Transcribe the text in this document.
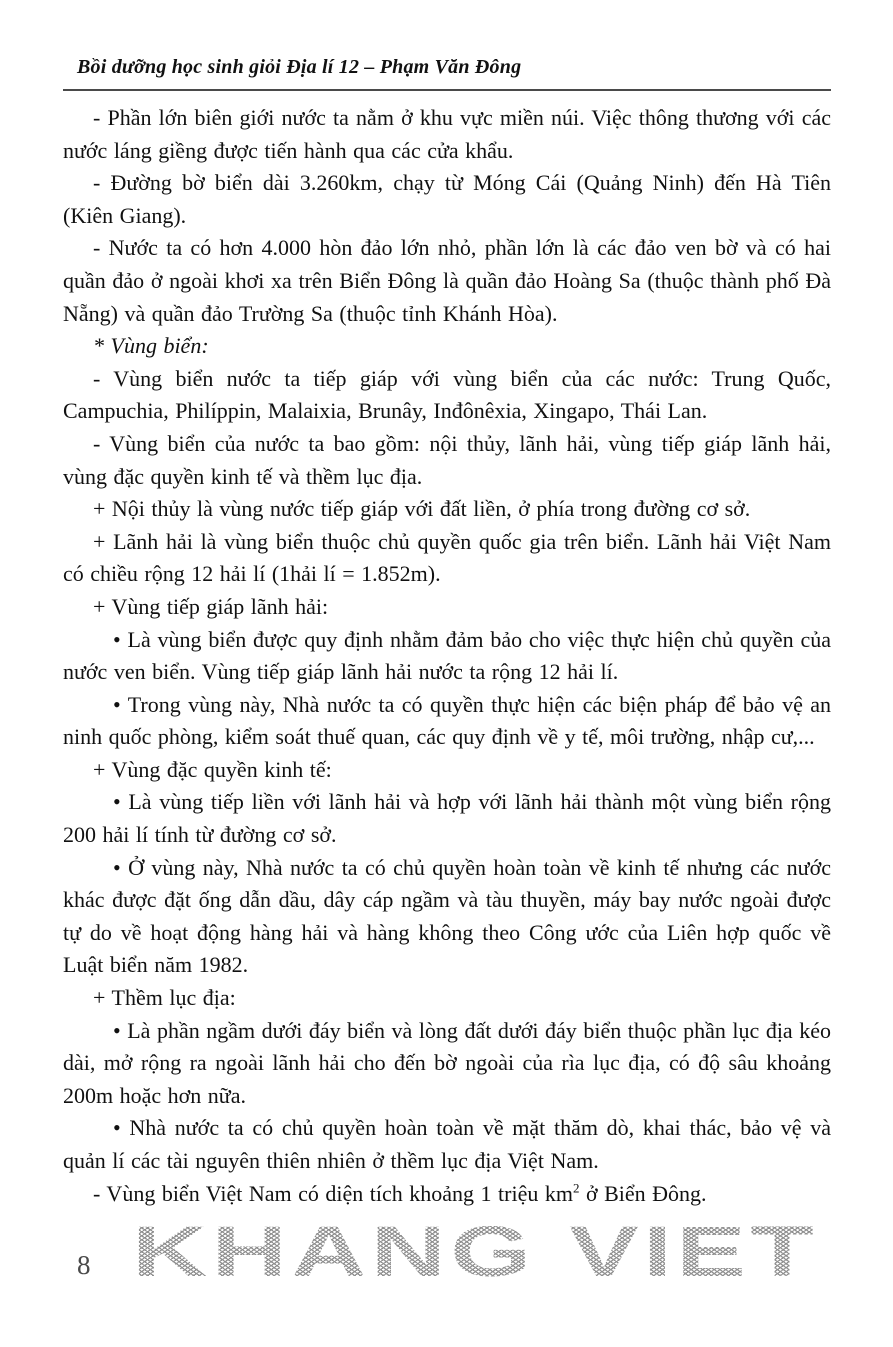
KHANG VIET
Bồi dưỡng học sinh giỏi Địa lí 12 – Phạm Văn Đông
- Phần lớn biên giới nước ta nằm ở khu vực miền núi. Việc thông thương với các nước láng giềng được tiến hành qua các cửa khẩu.
- Đường bờ biển dài 3.260km, chạy từ Móng Cái (Quảng Ninh) đến Hà Tiên (Kiên Giang).
- Nước ta có hơn 4.000 hòn đảo lớn nhỏ, phần lớn là các đảo ven bờ và có hai quần đảo ở ngoài khơi xa trên Biển Đông là quần đảo Hoàng Sa (thuộc thành phố Đà Nẵng) và quần đảo Trường Sa (thuộc tỉnh Khánh Hòa).
* Vùng biển:
- Vùng biển nước ta tiếp giáp với vùng biển của các nước: Trung Quốc, Campuchia, Philíppin, Malaixia, Brunây, Inđônêxia, Xingapo, Thái Lan.
- Vùng biển của nước ta bao gồm: nội thủy, lãnh hải, vùng tiếp giáp lãnh hải, vùng đặc quyền kinh tế và thềm lục địa.
+ Nội thủy là vùng nước tiếp giáp với đất liền, ở phía trong đường cơ sở.
+ Lãnh hải là vùng biển thuộc chủ quyền quốc gia trên biển. Lãnh hải Việt Nam có chiều rộng 12 hải lí (1hải lí = 1.852m).
+ Vùng tiếp giáp lãnh hải:
• Là vùng biển được quy định nhằm đảm bảo cho việc thực hiện chủ quyền của nước ven biển. Vùng tiếp giáp lãnh hải nước ta rộng 12 hải lí.
• Trong vùng này, Nhà nước ta có quyền thực hiện các biện pháp để bảo vệ an ninh quốc phòng, kiểm soát thuế quan, các quy định về y tế, môi trường, nhập cư,...
+ Vùng đặc quyền kinh tế:
• Là vùng tiếp liền với lãnh hải và hợp với lãnh hải thành một vùng biển rộng 200 hải lí tính từ đường cơ sở.
• Ở vùng này, Nhà nước ta có chủ quyền hoàn toàn về kinh tế nhưng các nước khác được đặt ống dẫn dầu, dây cáp ngầm và tàu thuyền, máy bay nước ngoài được tự do về hoạt động hàng hải và hàng không theo Công ước của Liên hợp quốc về Luật biển năm 1982.
+ Thềm lục địa:
• Là phần ngầm dưới đáy biển và lòng đất dưới đáy biển thuộc phần lục địa kéo dài, mở rộng ra ngoài lãnh hải cho đến bờ ngoài của rìa lục địa, có độ sâu khoảng 200m hoặc hơn nữa.
• Nhà nước ta có chủ quyền hoàn toàn về mặt thăm dò, khai thác, bảo vệ và quản lí các tài nguyên thiên nhiên ở thềm lục địa Việt Nam.
- Vùng biển Việt Nam có diện tích khoảng 1 triệu $km^2$ ở Biển Đông.
8
